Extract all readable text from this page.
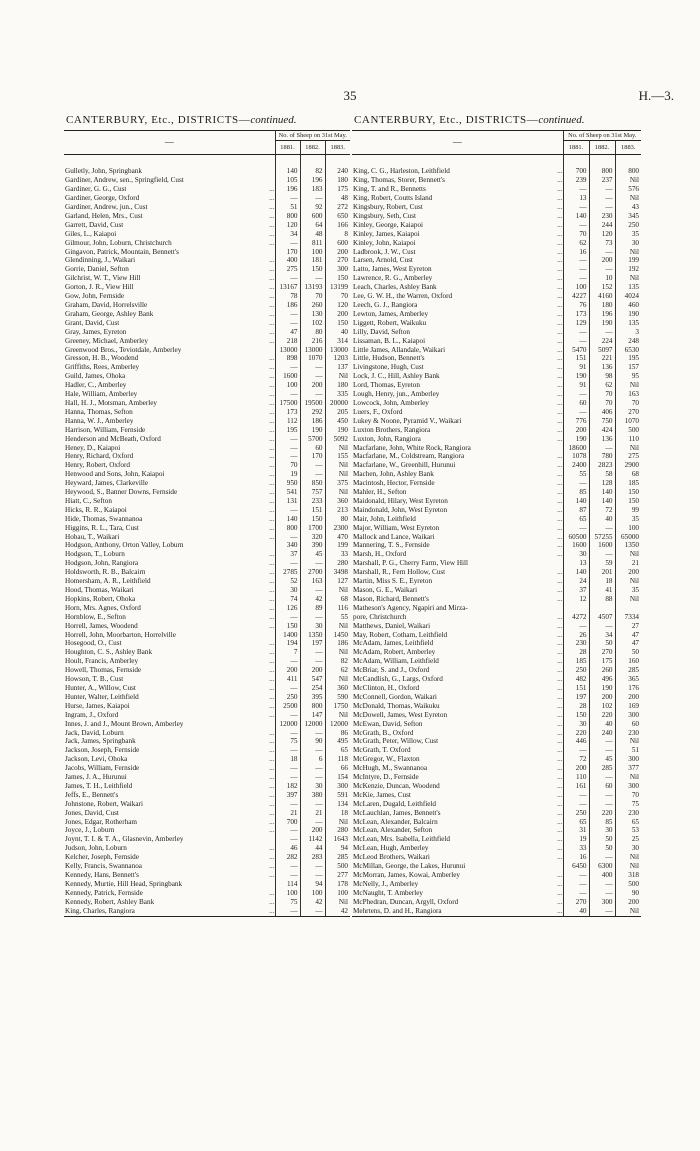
35	H.—3.
CANTERBURY, Etc., DISTRICTS—continued.
—	No. of Sheep on 31st May.		
	1881.	1882.	1883.

Gulletly, John, Springbank	140	82	240

Gardiner, Andrew, sen., Springfield, Cust	105	196	180

Gardiner, G. G., Cust ...	196	183	175

Gardiner, George, Oxford ...	—	—	48

Gardiner, Andrew, jun., Cust ...	51	92	272

Garland, Helen, Mrs., Cust ...	800	600	650

Garrett, David, Cust ...	120	64	166

Giles, L., Kaiapoi ...	34	48	8

Gilmour, John, Loburn, Christchurch ...	—	811	600

Gingavon, Patrick, Mountain, Bennett's	170	100	200

Glendinning, J., Waikari ...	400	181	270

Gorrie, Daniel, Sefton ...	275	150	300

Gilchrist, W. T., View Hill ...	—	—	150

Gorton, J. R., View Hill ...	13167	13193	13199

Gow, John, Fernside ...	78	70	70

Graham, David, Horrelsville ...	186	260	120

Graham, George, Ashley Bank ...	—	130	200

Grant, David, Cust ...	—	102	150

Gray, James, Eyreton ...	47	80	40

Greeney, Michael, Amberley ...	218	216	314

Greenwood Bros., Teviotdale, Amberley	13000	13000	13000

Gresson, H. B., Woodend ...	898	1070	1203

Griffiths, Rees, Amberley ...	—	—	137

Guild, James, Ohoka ...	1600	—	Nil

Hadler, C., Amberley ...	100	200	180

Hale, William, Amberley ...	—	—	335

Hall, H. J., Motsman, Amberley ...	17500	19500	20000

Hanna, Thomas, Sefton ...	173	292	205

Hanna, W. J., Amberley ...	112	186	450

Harrison, William, Fernside ...	195	190	190

Henderson and McBeath, Oxford ...	—	5700	5092

Heney, D., Kaiapoi ...	—	60	Nil

Henry, Richard, Oxford ...	—	170	155

Henry, Robert, Oxford ...	70	—	Nil

Henwood and Sons, John, Kaiapoi ...	19	—	Nil

Heyward, James, Clarkeville ...	950	850	375

Heywood, S., Banner Downs, Fernside ...	541	757	Nil

Hiatt, C., Sefton ...	131	233	360

Hicks, R. R., Kaiapoi ...	—	151	213

Hide, Thomas, Swannanoa ...	140	150	80

Higgins, R. L., Tara, Cust ...	800	1700	2300

Hobau, T., Waikari ...	—	320	470

Hodgson, Anthony, Orton Valley, Loburn	340	390	199

Hodgson, T., Loburn ...	37	45	33

Hodgson, John, Rangiora ...	—	—	280

Holdsworth, R. B., Balcairn ...	2785	2700	3498

Homersham, A. R., Leithfield ...	52	163	127

Hood, Thomas, Waikari ...	30	—	Nil

Hopkins, Robert, Ohoka ...	74	42	68

Horn, Mrs. Agnes, Oxford ...	126	89	116

Hornblow, E., Sefton ...	—	—	55

Horrell, James, Woodend ...	150	30	Nil

Horrell, John, Moorbarton, Horrelville	1400	1350	1450

Hosegood, O., Cust ...	194	197	186

Houghton, C. S., Ashley Bank ...	7	—	Nil

Hoult, Francis, Amberley ...	—	—	82

Howell, Thomas, Fernside ...	200	200	62

Howson, T. B., Cust ...	411	547	Nil

Hunter, A., Willow, Cust ...	—	254	360

Hunter, Walter, Leithfield ...	250	395	590

Hurse, James, Kaiapoi ...	2500	800	1750

Ingram, J., Oxford ...	—	147	Nil

Innes, J. and J., Mount Brown, Amberley	12000	12000	12000

Jack, David, Loburn ...	—	—	86

Jack, James, Springbank ...	75	90	495

Jackson, Joseph, Fernside ...	—	—	65

Jackson, Levi, Ohoka ...	18	6	118

Jacobs, William, Fernside ...	—	—	66

James, J. A., Hurunui ...	—	—	154

James, T. H., Leithfield ...	182	30	300

Jeffs, E., Bennett's ...	397	380	591

Johnstone, Robert, Waikari ...	—	—	134

Jones, David, Cust ...	21	21	18

Jones, Edgar, Rotherham ...	700	—	Nil

Joyce, J., Loburn ...	—	200	280

Joynt, T. I. & T. A., Glasnevin, Amberley	—	1142	1643

Judson, John, Loburn ...	46	44	94

Kelcher, Joseph, Fernside ...	282	283	285

Kelly, Francis, Swannanoa ...	—	—	500

Kennedy, Hans, Bennett's ...	—	—	277

Kennedy, Murtie, Hill Head, Springbank	114	94	178

Kennedy, Patrick, Fernside ...	100	100	100

Kennedy, Robert, Ashley Bank ...	75	42	Nil

King, Charles, Rangiora ...	—	—	42
CANTERBURY, Etc., DISTRICTS—continued.
—	No. of Sheep on 31st May.		
	1881.	1882.	1883.

King, C. G., Harleston, Leithfield ...	700	800	800

King, Thomas, Storer, Bennett's ...	239	237	Nil

King, T. and R., Bennetts ...	—	—	576

King, Robert, Coutts Island ...	13	—	Nil

Kingsbury, Robert, Cust ...	—	—	43

Kingsbury, Seth, Cust ...	140	230	345

Kinley, George, Kaiapoi ...	—	244	250

Kinley, James, Kaiapoi ...	70	120	35

Kinley, John, Kaiapoi ...	62	73	30

Ladbrook, J. W., Cust ...	16	—	Nil

Larsen, Arnold, Cust ...	—	200	199

Latto, James, West Eyreton ...	—	—	192

Lawrence, R. G., Amberley ...	—	10	Nil

Leach, Charles, Ashley Bank ...	100	152	135

Lee, G. W. H., the Warren, Oxford ...	4227	4160	4024

Leech, G. J., Rangiora ...	76	180	460

Lewton, James, Amberley ...	173	196	190

Liggett, Robert, Waikuku ...	129	190	135

Lilly, David, Sefton ...	—	—	3

Lissaman, B. L., Kaiapoi ...	—	224	248

Little James, Allandale, Waikari ...	5470	5097	6530

Little, Hudson, Bennett's ...	151	221	195

Livingstone, Hugh, Cust ...	91	136	157

Lock, J. C., Hill, Ashley Bank ...	190	98	95

Lord, Thomas, Eyreton ...	91	62	Nil

Lough, Henry, jun., Amberley ...	—	70	163

Lowcock, John, Amberley ...	60	70	70

Luers, F., Oxford ...	—	406	270

Lukey & Noone, Pyramid V., Waikari ...	776	750	1070

Luxton Brothers, Rangiora ...	200	424	500

Luxton, John, Rangiora ...	190	136	110

Macfarlane, John, White Rock, Rangiora	18600	—	Nil

Macfarlane, M., Coldstream, Rangiora ...	1078	780	275

Macfarlane, W., Greenhill, Hurunui ...	2400	2823	2900

Machen, John, Ashley Bank ...	55	58	68

Macintosh, Hector, Fernside ...	—	128	185

Mahler, H., Sefton ...	85	140	150

Maidonald, Hilary, West Eyreton ...	140	140	150

Maindonald, John, West Eyreton ...	87	72	99

Mair, John, Leithfield ...	65	40	35

Major, William, West Eyreton ...	—	—	100

Mallock and Lance, Waikari ...	60500	57255	65000

Mannering, T. S., Fernside ...	1600	1600	1350

Marsh, H., Oxford ...	30	—	Nil

Marshall, P. G., Cherry Farm, View Hill	13	59	21

Marshall, R., Fern Hollow, Cust ...	140	201	200

Martin, Miss S. E., Eyreton ...	24	18	Nil

Mason, G. E., Waikari ...	37	41	35

Mason, Richard, Bennett's ...	12	88	Nil

Matheson's Agency, Ngapiri and Mirza-			

pore, Christchurch ...	4272	4507	7334

Matthews, Daniel, Waikari ...	—	—	27

May, Robert, Cotham, Leithfield ...	26	34	47

McAdam, James, Leithfield ...	230	50	47

McAdam, Robert, Amberley ...	28	270	50

McAdam, William, Leithfield ...	185	175	160

McBriar, S. and J., Oxford ...	250	260	285

McCandlish, G., Largs, Oxford ...	482	496	365

McClinton, H., Oxford ...	151	190	176

McConnell, Gordon, Waikari ...	197	200	200

McDonald, Thomas, Waikuku ...	28	102	169

McDowell, James, West Eyreton ...	150	220	300

McEwan, David, Sefton ...	30	40	60

McGrath, B., Oxford ...	220	240	230

McGrath, Peter, Willow, Cust ...	446	—	Nil

McGrath, T. Oxford ...	—	—	51

McGregor, W., Flaxton ...	72	45	300

McHugh, M., Swannanoa ...	200	285	377

McIntyre, D., Fernside ...	110	—	Nil

McKenzie, Duncan, Woodend ...	161	60	300

McKie, James, Cust ...	—	—	70

McLaren, Dugald, Leithfield ...	—	—	75

McLauchlan, James, Bennett's ...	250	220	230

McLean, Alexander, Balcairn ...	65	85	65

McLean, Alexander, Sefton ...	31	30	53

McLean, Mrs. Isabella, Leithfield ...	19	50	25

McLean, Hugh, Amberley ...	33	50	30

McLeod Brothers, Waikari ...	16	—	Nil

McMillan, George, the Lakes, Hurunui	6450	6300	Nil

McMorran, James, Kowai, Amberley ...	—	400	318

McNelly, J., Amberley ...	—	—	500

McNaught, T. Amberley ...	—	—	90

McPhedran, Duncan, Argyll, Oxford ...	270	300	200

Mehrtens, D. and H., Rangiora ...	40	—	Nil
